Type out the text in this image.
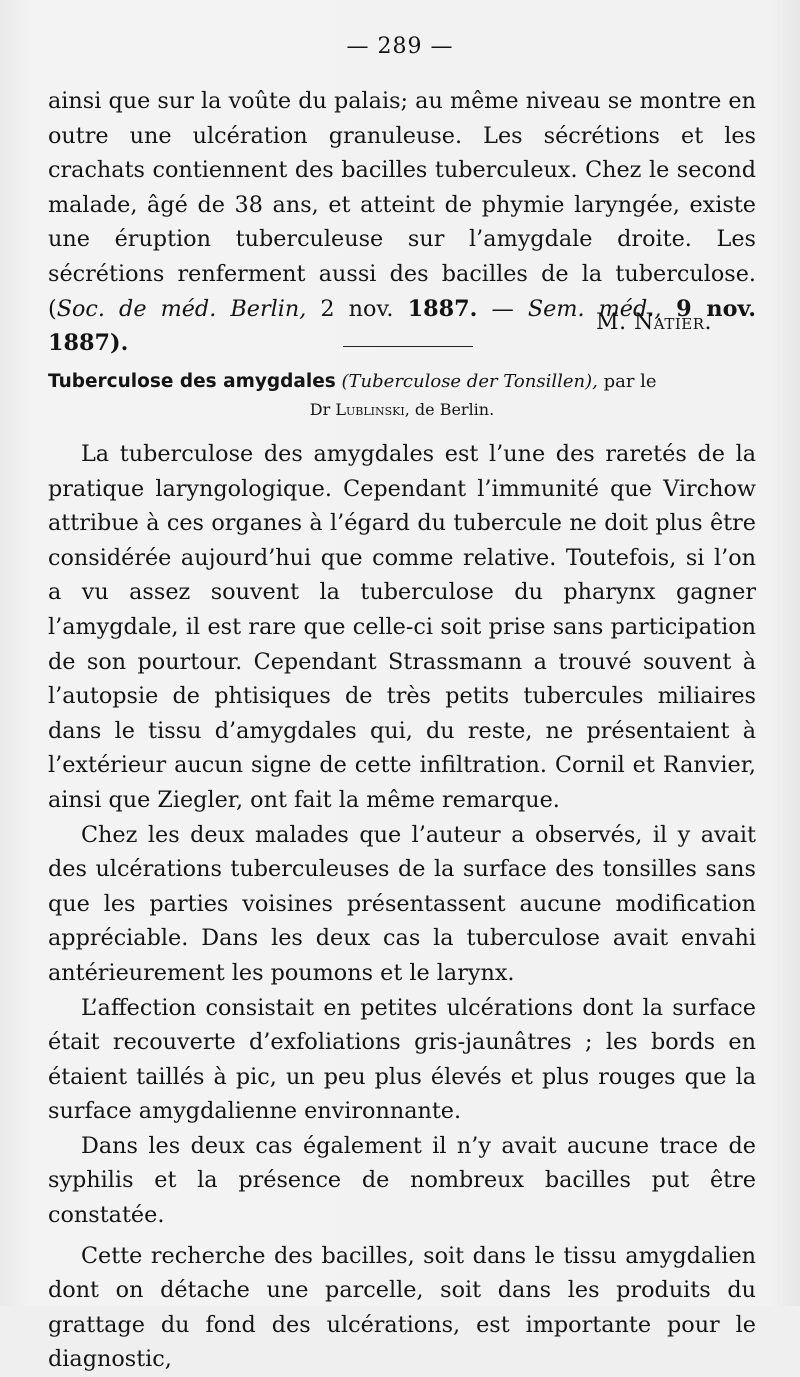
— 289 —

ainsi que sur la voûte du palais; au même niveau se montre en outre une ulcération granuleuse. Les sécrétions et les crachats contiennent des bacilles tuberculeux. Chez le second malade, âgé de 38 ans, et atteint de phymie laryngée, existe une éruption tuberculeuse sur l’amygdale droite. Les sécrétions renferment aussi des bacilles de la tuberculose. (Soc. de méd. Berlin, 2 nov. 1887. — Sem. méd., 9 nov. 1887).

M. Natier.
Tuberculose des amygdales (Tuberculose der Tonsillen), par le
Dr Lublinski, de Berlin.

La tuberculose des amygdales est l’une des raretés de la pratique laryngologique. Cependant l’immunité que Virchow attribue à ces organes à l’égard du tubercule ne doit plus être considérée aujourd’hui que comme relative. Toutefois, si l’on a vu assez souvent la tuberculose du pharynx gagner l’amygdale, il est rare que celle-ci soit prise sans participation de son pourtour. Cependant Strassmann a trouvé souvent à l’autopsie de phtisiques de très petits tubercules miliaires dans le tissu d’amygdales qui, du reste, ne présentaient à l’extérieur aucun signe de cette infiltration. Cornil et Ranvier, ainsi que Ziegler, ont fait la même remarque.

Chez les deux malades que l’auteur a observés, il y avait des ulcérations tuberculeuses de la surface des tonsilles sans que les parties voisines présentassent aucune modification appréciable. Dans les deux cas la tuberculose avait envahi antérieurement les poumons et le larynx.

L’affection consistait en petites ulcérations dont la surface était recouverte d’exfoliations gris-jaunâtres ; les bords en étaient taillés à pic, un peu plus élevés et plus rouges que la surface amygdalienne environnante.

Dans les deux cas également il n’y avait aucune trace de syphilis et la présence de nombreux bacilles put être constatée.

Cette recherche des bacilles, soit dans le tissu amygdalien dont on détache une parcelle, soit dans les produits du grattage du fond des ulcérations, est importante pour le diagnostic,
